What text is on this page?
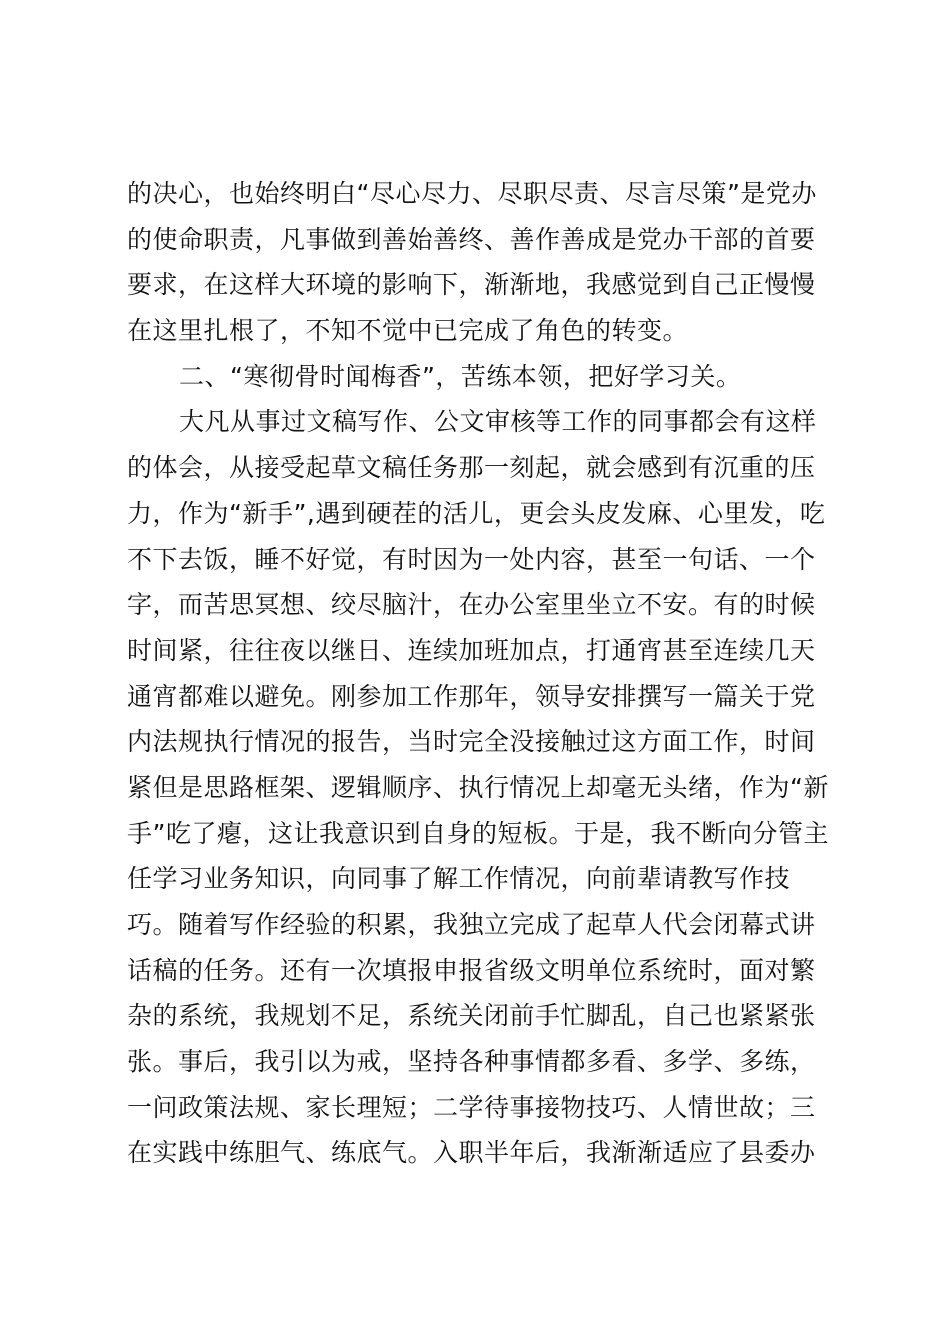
的决心，也始终明白“尽心尽力、尽职尽责、尽言尽策”是党办
的使命职责，凡事做到善始善终、善作善成是党办干部的首要
要求，在这样大环境的影响下，渐渐地，我感觉到自己正慢慢
在这里扎根了，不知不觉中已完成了角色的转变。
二、“寒彻骨时闻梅香”，苦练本领，把好学习关。
大凡从事过文稿写作、公文审核等工作的同事都会有这样
的体会，从接受起草文稿任务那一刻起，就会感到有沉重的压
力，作为“新手”,遇到硬茬的活儿，更会头皮发麻、心里发，吃
不下去饭，睡不好觉，有时因为一处内容，甚至一句话、一个
字，而苦思冥想、绞尽脑汁，在办公室里坐立不安。有的时候
时间紧，往往夜以继日、连续加班加点，打通宵甚至连续几天
通宵都难以避免。刚参加工作那年，领导安排撰写一篇关于党
内法规执行情况的报告，当时完全没接触过这方面工作，时间
紧但是思路框架、逻辑顺序、执行情况上却毫无头绪，作为“新
手”吃了瘪，这让我意识到自身的短板。于是，我不断向分管主
任学习业务知识，向同事了解工作情况，向前辈请教写作技
巧。随着写作经验的积累，我独立完成了起草人代会闭幕式讲
话稿的任务。还有一次填报申报省级文明单位系统时，面对繁
杂的系统，我规划不足，系统关闭前手忙脚乱，自己也紧紧张
张。事后，我引以为戒，坚持各种事情都多看、多学、多练，
一问政策法规、家长理短；二学待事接物技巧、人情世故；三
在实践中练胆气、练底气。入职半年后，我渐渐适应了县委办
